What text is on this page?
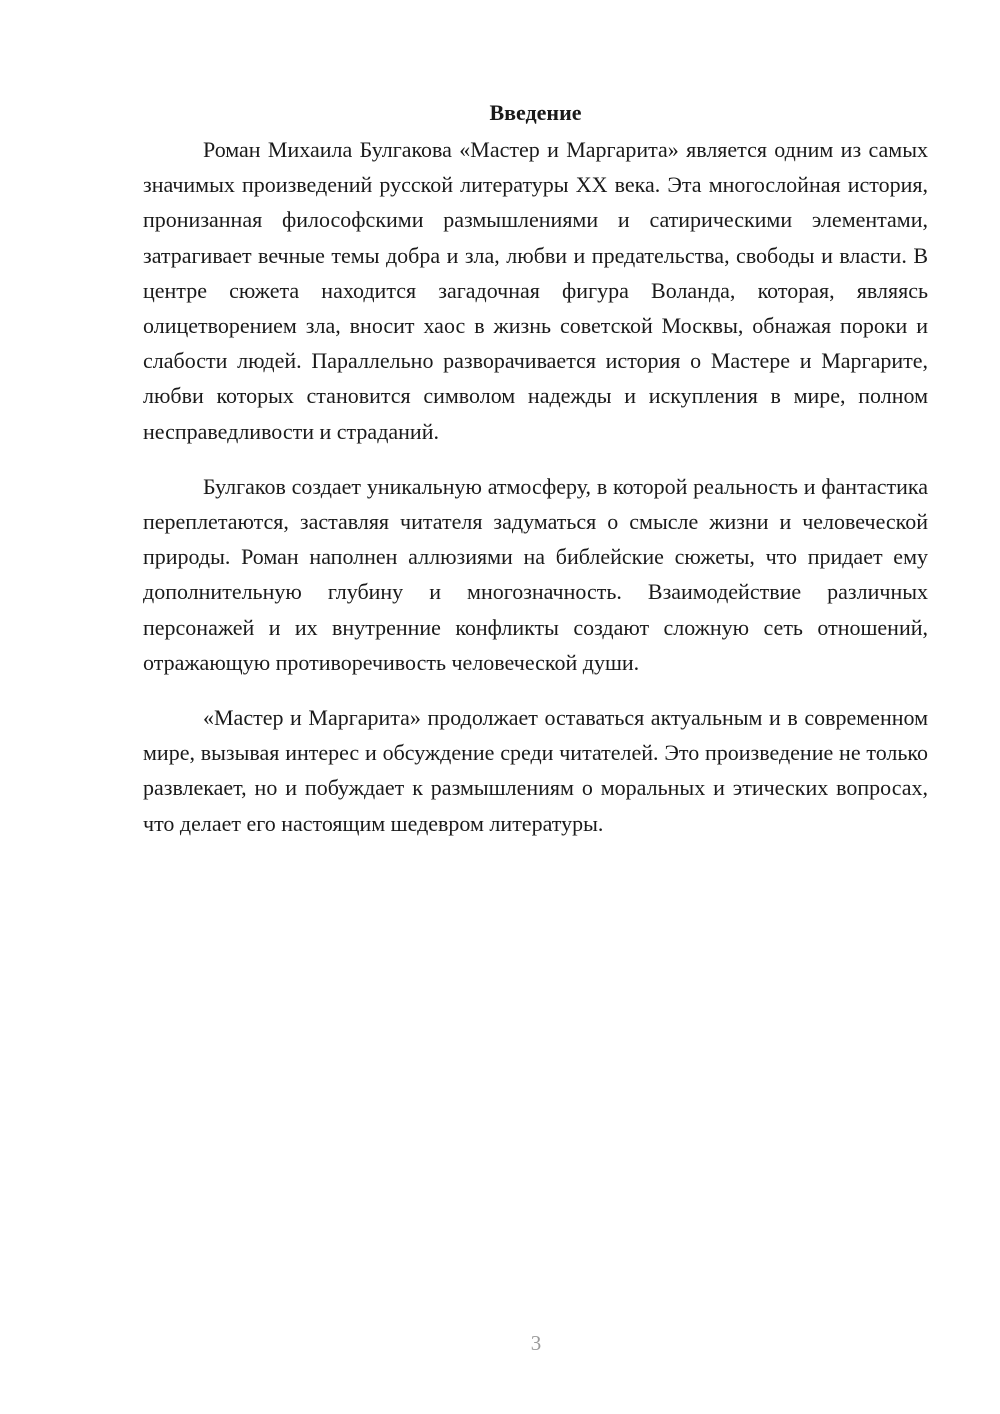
Введение

Роман Михаила Булгакова «Мастер и Маргарита» является одним из самых значимых произведений русской литературы XX века. Эта многослойная история, пронизанная философскими размышлениями и сатирическими элементами, затрагивает вечные темы добра и зла, любви и предательства, свободы и власти. В центре сюжета находится загадочная фигура Воланда, которая, являясь олицетворением зла, вносит хаос в жизнь советской Москвы, обнажая пороки и слабости людей. Параллельно разворачивается история о Мастере и Маргарите, любви которых становится символом надежды и искупления в мире, полном несправедливости и страданий.

Булгаков создает уникальную атмосферу, в которой реальность и фантастика переплетаются, заставляя читателя задуматься о смысле жизни и человеческой природы. Роман наполнен аллюзиями на библейские сюжеты, что придает ему дополнительную глубину и многозначность. Взаимодействие различных персонажей и их внутренние конфликты создают сложную сеть отношений, отражающую противоречивость человеческой души.

«Мастер и Маргарита» продолжает оставаться актуальным и в современном мире, вызывая интерес и обсуждение среди читателей. Это произведение не только развлекает, но и побуждает к размышлениям о моральных и этических вопросах, что делает его настоящим шедевром литературы.

3
